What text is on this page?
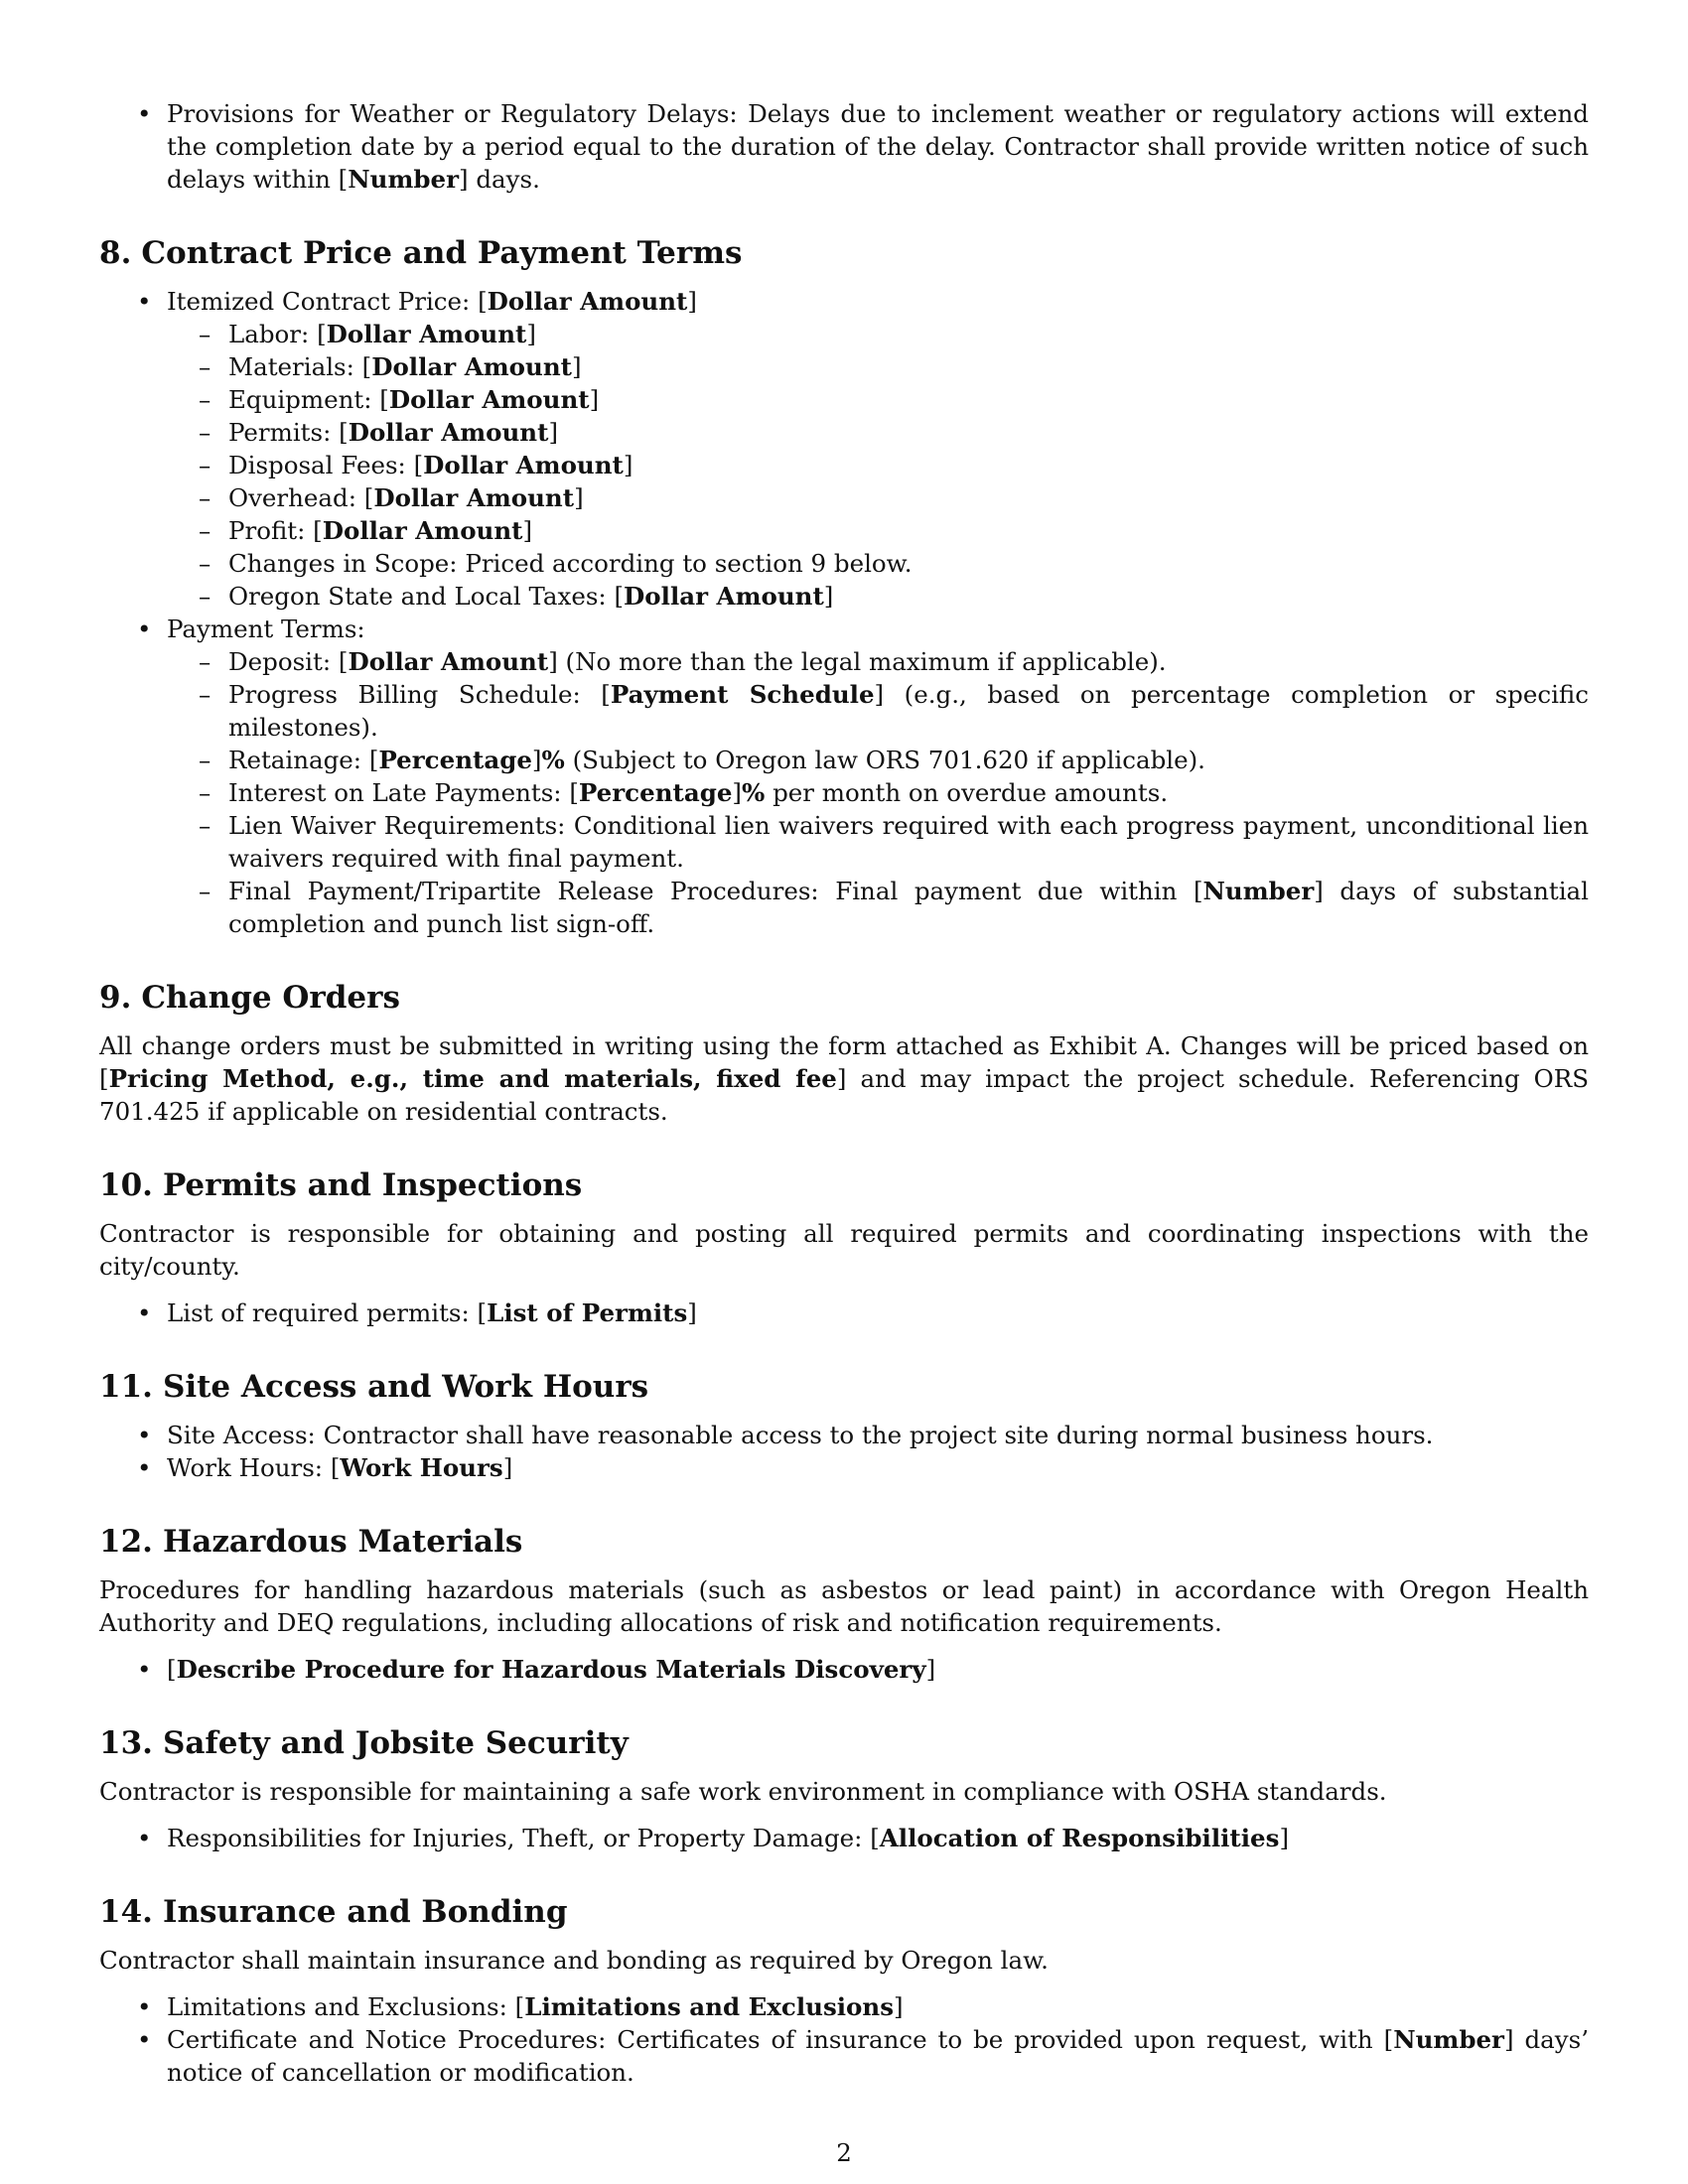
• Provisions for Weather or Regulatory Delays: Delays due to inclement weather or regulatory actions will extend the completion date by a period equal to the duration of the delay. Contractor shall provide written notice of such delays within [Number] days.
8. Contract Price and Payment Terms
• Itemized Contract Price: [Dollar Amount]
– Labor: [Dollar Amount]
– Materials: [Dollar Amount]
– Equipment: [Dollar Amount]
– Permits: [Dollar Amount]
– Disposal Fees: [Dollar Amount]
– Overhead: [Dollar Amount]
– Profit: [Dollar Amount]
– Changes in Scope: Priced according to section 9 below.
– Oregon State and Local Taxes: [Dollar Amount]
• Payment Terms:
– Deposit: [Dollar Amount] (No more than the legal maximum if applicable).
– Progress Billing Schedule: [Payment Schedule] (e.g., based on percentage completion or specific milestones).
– Retainage: [Percentage]% (Subject to Oregon law ORS 701.620 if applicable).
– Interest on Late Payments: [Percentage]% per month on overdue amounts.
– Lien Waiver Requirements: Conditional lien waivers required with each progress payment, unconditional lien waivers required with final payment.
– Final Payment/Tripartite Release Procedures: Final payment due within [Number] days of substantial completion and punch list sign-off.
9. Change Orders

All change orders must be submitted in writing using the form attached as Exhibit A. Changes will be priced based on [Pricing Method, e.g., time and materials, fixed fee] and may impact the project schedule. Referencing ORS 701.425 if applicable on residential contracts.

10. Permits and Inspections

Contractor is responsible for obtaining and posting all required permits and coordinating inspections with the city/county.

• List of required permits: [List of Permits]
11. Site Access and Work Hours
• Site Access: Contractor shall have reasonable access to the project site during normal business hours.
• Work Hours: [Work Hours]
12. Hazardous Materials

Procedures for handling hazardous materials (such as asbestos or lead paint) in accordance with Oregon Health Authority and DEQ regulations, including allocations of risk and notification requirements.

• [Describe Procedure for Hazardous Materials Discovery]
13. Safety and Jobsite Security

Contractor is responsible for maintaining a safe work environment in compliance with OSHA standards.

• Responsibilities for Injuries, Theft, or Property Damage: [Allocation of Responsibilities]
14. Insurance and Bonding

Contractor shall maintain insurance and bonding as required by Oregon law.

• Limitations and Exclusions: [Limitations and Exclusions]
• Certificate and Notice Procedures: Certificates of insurance to be provided upon request, with [Number] days’ notice of cancellation or modification.
2
